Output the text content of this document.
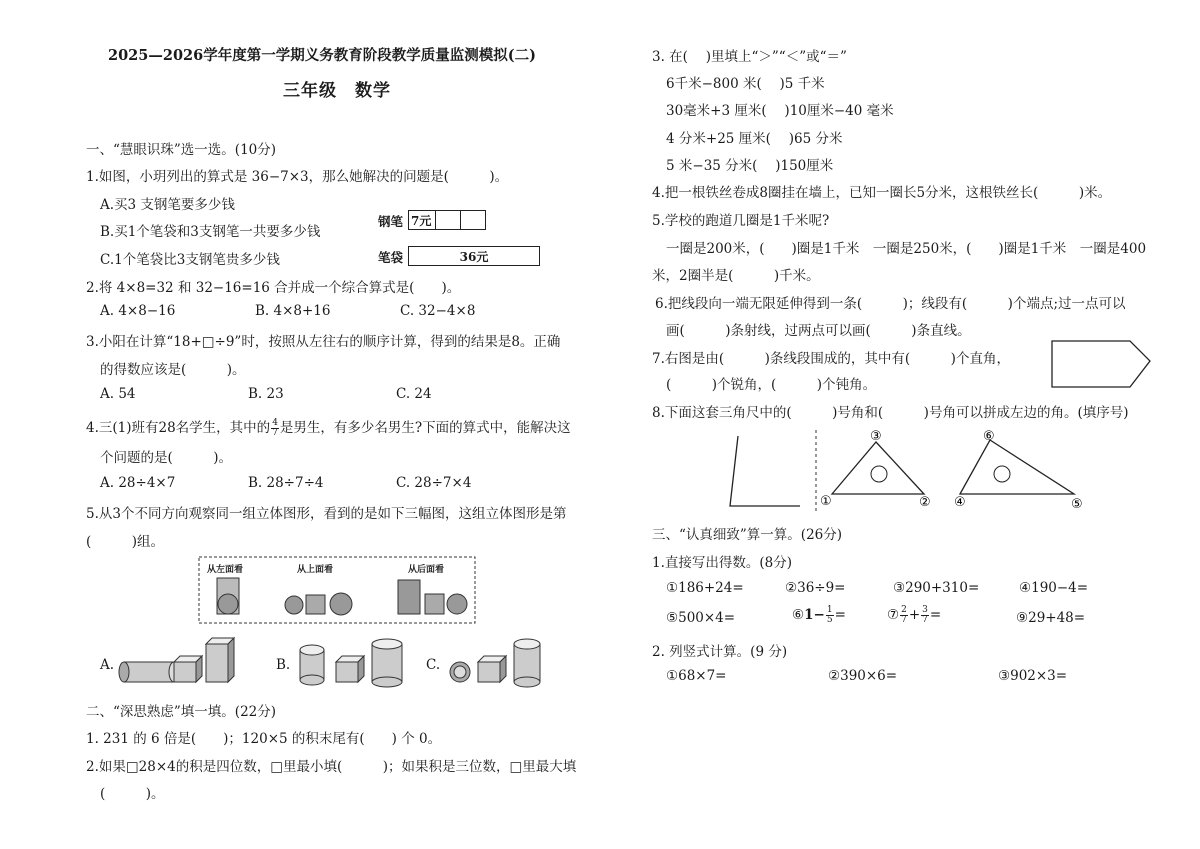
2025—2026学年度第一学期义务教育阶段教学质量监测模拟(二)
三年级　数学
一、“慧眼识珠”选一选。(10分)
1.如图，小玥列出的算式是 36−7×3，那么她解决的问题是(　　　)。
A.买3 支钢笔要多少钱
B.买1个笔袋和3支钢笔一共要多少钱
C.1个笔袋比3支钢笔贵多少钱
钢笔 7元
笔袋	36元
2.将 4×8=32 和 32−16=16 合并成一个综合算式是(　　)。
A. 4×8−16	B. 4×8+16	C. 32−4×8
3.小阳在计算“18+□÷9”时，按照从左往右的顺序计算，得到的结果是8。正确
的得数应该是(　　　)。
A. 54	B. 23	C. 24
4.三(1)班有28名学生，其中的 $\frac{4}{7}$ 是男生，有多少名男生?下面的算式中，能解决这
个问题的是(　　　)。
A. 28÷4×7	B. 28÷7÷4	C. 28÷7×4
5.从3个不同方向观察同一组立体图形，看到的是如下三幅图，这组立体图形是第
(　　　)组。
从左面看	从上面看	从后面看
A.	B.	C.
二、“深思熟虑”填一填。(22分)
1. 231 的 6 倍是(　　)；120×5 的积末尾有(　　) 个 0。
2.如果□28×4的积是四位数，□里最小填(　　　)；如果积是三位数，□里最大填
(　　　)。
3. 在(　 )里填上“＞”“＜”或“＝”
6千米−800 米(　 )5 千米
30毫米+3 厘米(　 )10厘米−40 毫米
4 分米+25 厘米(　 )65 分米
5 米−35 分米(　 )150厘米
4.把一根铁丝卷成8圈挂在墙上，已知一圈长5分米，这根铁丝长(　　　)米。
5.学校的跑道几圈是1千米呢?
一圈是200米，(　　)圈是1千米　一圈是250米，(　　)圈是1千米　一圈是400
米，2圈半是(　　　)千米。
6.把线段向一端无限延伸得到一条(　　　)；线段有(　　　)个端点;过一点可以
画(　　　)条射线，过两点可以画(　　　)条直线。
7.右图是由(　　　)条线段围成的，其中有(　　　)个直角，
(　　　)个锐角，(　　　)个钝角。
8.下面这套三角尺中的(　　　)号角和(　　　)号角可以拼成左边的角。(填序号)
③
①	②
⑥
④	⑤
三、“认真细致”算一算。(26分)
1.直接写出得数。(8分)
①186+24=	②36÷9=	③290+310=	④190−4=
⑤500×4=	⑥1− $\frac{1}{5}$ =	⑦ $\frac{2}{7} + \frac{3}{7}$ =	⑨29+48=
2. 列竖式计算。(9 分)
①68×7=	②390×6=	③902×3=
